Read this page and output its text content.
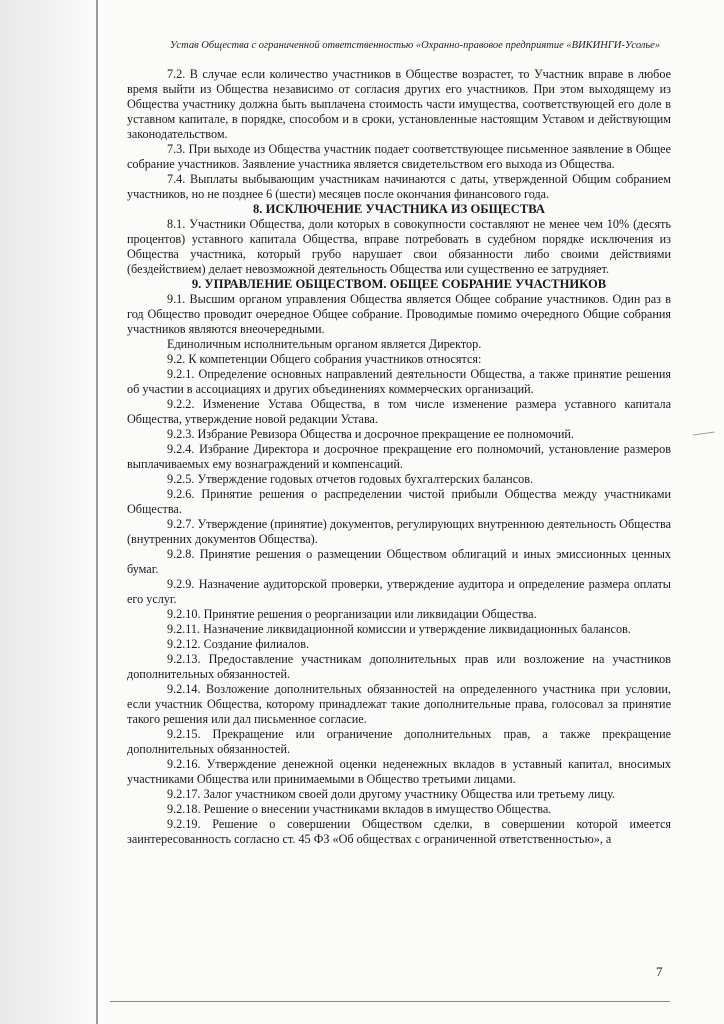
Устав Общества с ограниченной ответственностью «Охранно-правовое предприятие «ВИКИНГИ-Усолье»

7.2. В случае если количество участников в Обществе возрастет, то Участник вправе в любое время выйти из Общества независимо от согласия других его участников. При этом выходящему из Общества участнику должна быть выплачена стоимость части имущества, соответствующей его доле в уставном капитале, в порядке, способом и в сроки, установленные настоящим Уставом и действующим законодательством.

7.3. При выходе из Общества участник подает соответствующее письменное заявление в Общее собрание участников. Заявление участника является свидетельством его выхода из Общества.

7.4. Выплаты выбывающим участникам начинаются с даты, утвержденной Общим собранием участников, но не позднее 6 (шести) месяцев после окончания финансового года.

8. ИСКЛЮЧЕНИЕ УЧАСТНИКА ИЗ ОБЩЕСТВА

8.1. Участники Общества, доли которых в совокупности составляют не менее чем 10% (десять процентов) уставного капитала Общества, вправе потребовать в судебном порядке исключения из Общества участника, который грубо нарушает свои обязанности либо своими действиями (бездействием) делает невозможной деятельность Общества или существенно ее затрудняет.

9. УПРАВЛЕНИЕ ОБЩЕСТВОМ. ОБЩЕЕ СОБРАНИЕ УЧАСТНИКОВ

9.1. Высшим органом управления Общества является Общее собрание участников. Один раз в год Общество проводит очередное Общее собрание. Проводимые помимо очередного Общие собрания участников являются внеочередными.

Единоличным исполнительным органом является Директор.

9.2. К компетенции Общего собрания участников относятся:

9.2.1. Определение основных направлений деятельности Общества, а также принятие решения об участии в ассоциациях и других объединениях коммерческих организаций.

9.2.2. Изменение Устава Общества, в том числе изменение размера уставного капитала Общества, утверждение новой редакции Устава.

9.2.3. Избрание Ревизора Общества и досрочное прекращение ее полномочий.

9.2.4. Избрание Директора и досрочное прекращение его полномочий, установление размеров выплачиваемых ему вознаграждений и компенсаций.

9.2.5. Утверждение годовых отчетов годовых бухгалтерских балансов.

9.2.6. Принятие решения о распределении чистой прибыли Общества между участниками Общества.

9.2.7. Утверждение (принятие) документов, регулирующих внутреннюю деятельность Общества (внутренних документов Общества).

9.2.8. Принятие решения о размещении Обществом облигаций и иных эмиссионных ценных бумаг.

9.2.9. Назначение аудиторской проверки, утверждение аудитора и определение размера оплаты его услуг.

9.2.10. Принятие решения о реорганизации или ликвидации Общества.

9.2.11. Назначение ликвидационной комиссии и утверждение ликвидационных балансов.

9.2.12. Создание филиалов.

9.2.13. Предоставление участникам дополнительных прав или возложение на участников дополнительных обязанностей.

9.2.14. Возложение дополнительных обязанностей на определенного участника при условии, если участник Общества, которому принадлежат такие дополнительные права, голосовал за принятие такого решения или дал письменное согласие.

9.2.15. Прекращение или ограничение дополнительных прав, а также прекращение дополнительных обязанностей.

9.2.16. Утверждение денежной оценки неденежных вкладов в уставный капитал, вносимых участниками Общества или принимаемыми в Общество третьими лицами.

9.2.17. Залог участником своей доли другому участнику Общества или третьему лицу.

9.2.18. Решение о внесении участниками вкладов в имущество Общества.

9.2.19. Решение о совершении Обществом сделки, в совершении которой имеется заинтересованность согласно ст. 45 ФЗ «Об обществах с ограниченной ответственностью», а

7
